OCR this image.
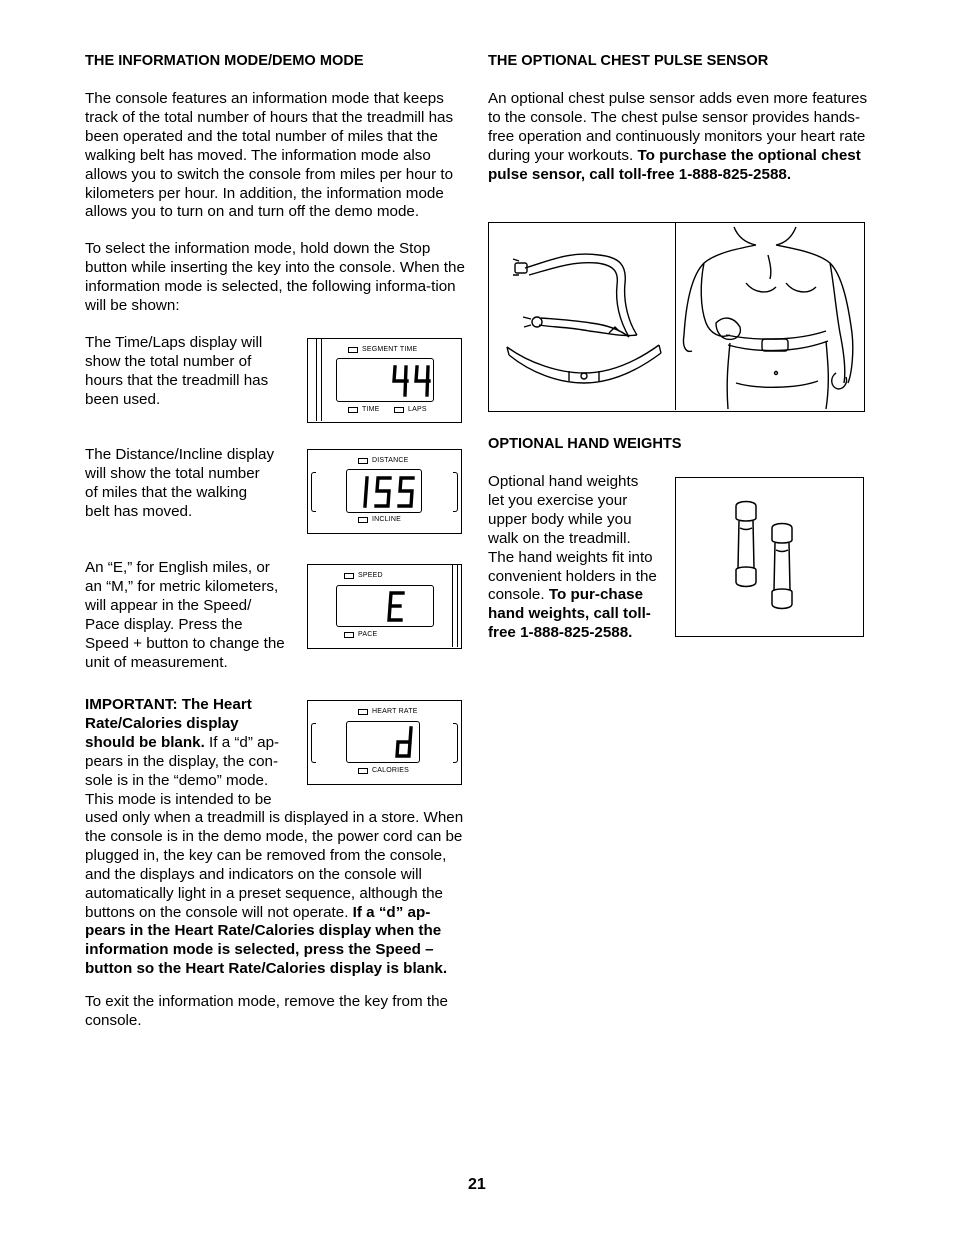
THE INFORMATION MODE/DEMO MODE

The console features an information mode that keeps track of the total number of hours that the treadmill has been operated and the total number of miles that the walking belt has moved. The information mode also allows you to switch the console from miles per hour to kilometers per hour. In addition, the information mode allows you to turn on and turn off the demo mode.

To select the information mode, hold down the Stop button while inserting the key into the console. When the information mode is selected, the following informa-tion will be shown:

The Time/Laps display will show the total number of hours that the treadmill has been used.

The Distance/Incline display will show the total number of miles that the walking belt has moved.

An “E,” for English miles, or an “M,” for metric kilometers, will appear in the Speed/ Pace display. Press the Speed + button to change the unit of measurement.

IMPORTANT: The Heart Rate/Calories display should be blank. If a “d” ap-pears in the display, the con-sole is in the “demo” mode. This mode is intended to be

used only when a treadmill is displayed in a store. When the console is in the demo mode, the power cord can be plugged in, the key can be removed from the console, and the displays and indicators on the console will automatically light in a preset sequence, although the buttons on the console will not operate. If a “d” ap-pears in the Heart Rate/Calories display when the information mode is selected, press the Speed – button so the Heart Rate/Calories display is blank.

To exit the information mode, remove the key from the console.

SEGMENT TIME
TIME	LAPS
DISTANCE
INCLINE
SPEED
PACE
HEART RATE
CALORIES
THE OPTIONAL CHEST PULSE SENSOR

An optional chest pulse sensor adds even more features to the console. The chest pulse sensor provides hands-free operation and continuously monitors your heart rate during your workouts. To purchase the optional chest pulse sensor, call toll-free 1-888-825-2588.

OPTIONAL HAND WEIGHTS

Optional hand weights let you exercise your upper body while you walk on the treadmill. The hand weights fit into convenient holders in the console. To pur-chase hand weights, call toll-free 1-888-825-2588.

21
